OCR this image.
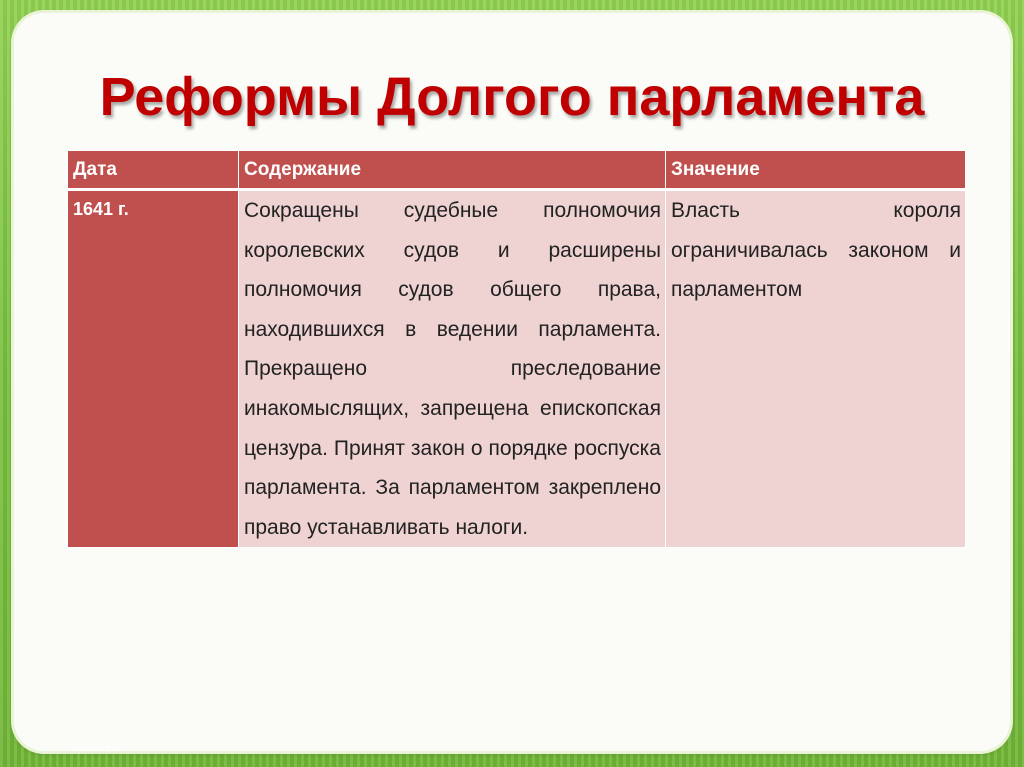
Реформы Долгого парламента
Дата	Содержание	Значение

1641 г.	Сокращены судебные полномочия королевских судов и расширены полномочия судов общего права, находившихся в ведении парламента. Прекращено преследование инакомыслящих, запрещена епископская цензура. Принят закон о порядке роспуска парламента. За парламентом закреплено право устанавливать налоги.	Власть короля ограничивалась законом и парламентом
myshared.ru
